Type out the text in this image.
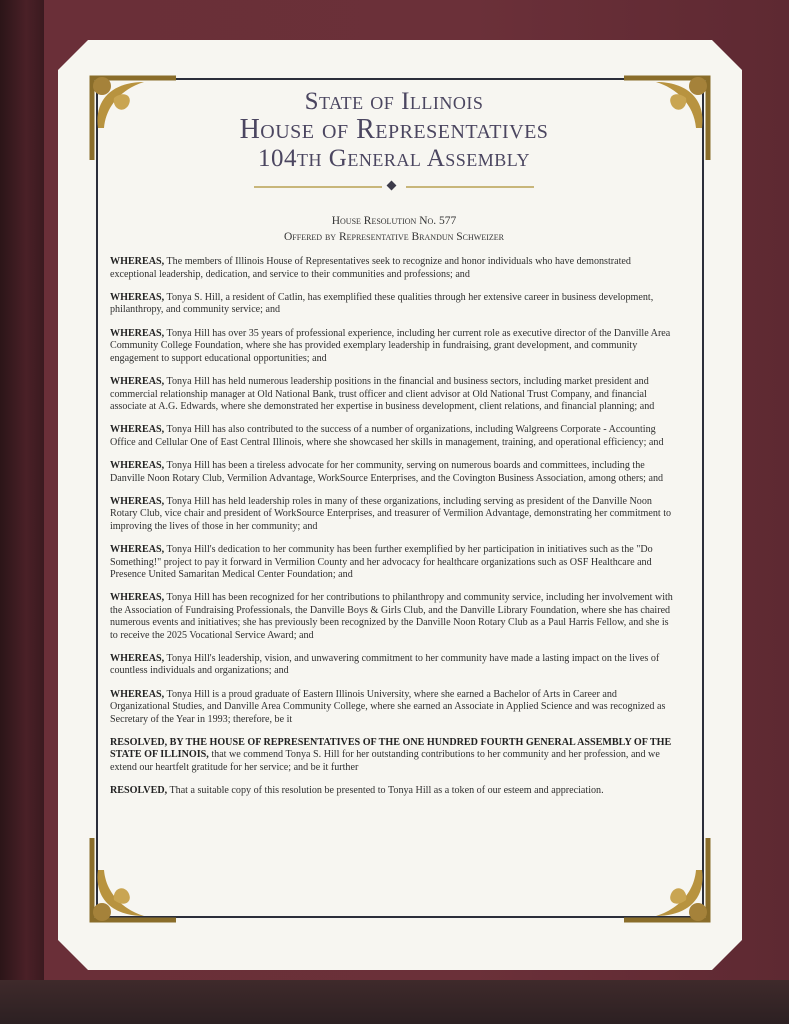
State of Illinois
House of Representatives
104th General Assembly
House Resolution No. 577
Offered by Representative Brandun Schweizer

WHEREAS, The members of Illinois House of Representatives seek to recognize and honor individuals who have demonstrated exceptional leadership, dedication, and service to their communities and professions; and

WHEREAS, Tonya S. Hill, a resident of Catlin, has exemplified these qualities through her extensive career in business development, philanthropy, and community service; and

WHEREAS, Tonya Hill has over 35 years of professional experience, including her current role as executive director of the Danville Area Community College Foundation, where she has provided exemplary leadership in fundraising, grant development, and community engagement to support educational opportunities; and

WHEREAS, Tonya Hill has held numerous leadership positions in the financial and business sectors, including market president and commercial relationship manager at Old National Bank, trust officer and client advisor at Old National Trust Company, and financial associate at A.G. Edwards, where she demonstrated her expertise in business development, client relations, and financial planning; and

WHEREAS, Tonya Hill has also contributed to the success of a number of organizations, including Walgreens Corporate - Accounting Office and Cellular One of East Central Illinois, where she showcased her skills in management, training, and operational efficiency; and

WHEREAS, Tonya Hill has been a tireless advocate for her community, serving on numerous boards and committees, including the Danville Noon Rotary Club, Vermilion Advantage, WorkSource Enterprises, and the Covington Business Association, among others; and

WHEREAS, Tonya Hill has held leadership roles in many of these organizations, including serving as president of the Danville Noon Rotary Club, vice chair and president of WorkSource Enterprises, and treasurer of Vermilion Advantage, demonstrating her commitment to improving the lives of those in her community; and

WHEREAS, Tonya Hill's dedication to her community has been further exemplified by her participation in initiatives such as the "Do Something!" project to pay it forward in Vermilion County and her advocacy for healthcare organizations such as OSF Healthcare and Presence United Samaritan Medical Center Foundation; and

WHEREAS, Tonya Hill has been recognized for her contributions to philanthropy and community service, including her involvement with the Association of Fundraising Professionals, the Danville Boys & Girls Club, and the Danville Library Foundation, where she has chaired numerous events and initiatives; she has previously been recognized by the Danville Noon Rotary Club as a Paul Harris Fellow, and she is to receive the 2025 Vocational Service Award; and

WHEREAS, Tonya Hill's leadership, vision, and unwavering commitment to her community have made a lasting impact on the lives of countless individuals and organizations; and

WHEREAS, Tonya Hill is a proud graduate of Eastern Illinois University, where she earned a Bachelor of Arts in Career and Organizational Studies, and Danville Area Community College, where she earned an Associate in Applied Science and was recognized as Secretary of the Year in 1993; therefore, be it

RESOLVED, BY THE HOUSE OF REPRESENTATIVES OF THE ONE HUNDRED FOURTH GENERAL ASSEMBLY OF THE STATE OF ILLINOIS, that we commend Tonya S. Hill for her outstanding contributions to her community and her profession, and we extend our heartfelt gratitude for her service; and be it further

RESOLVED, That a suitable copy of this resolution be presented to Tonya Hill as a token of our esteem and appreciation.
